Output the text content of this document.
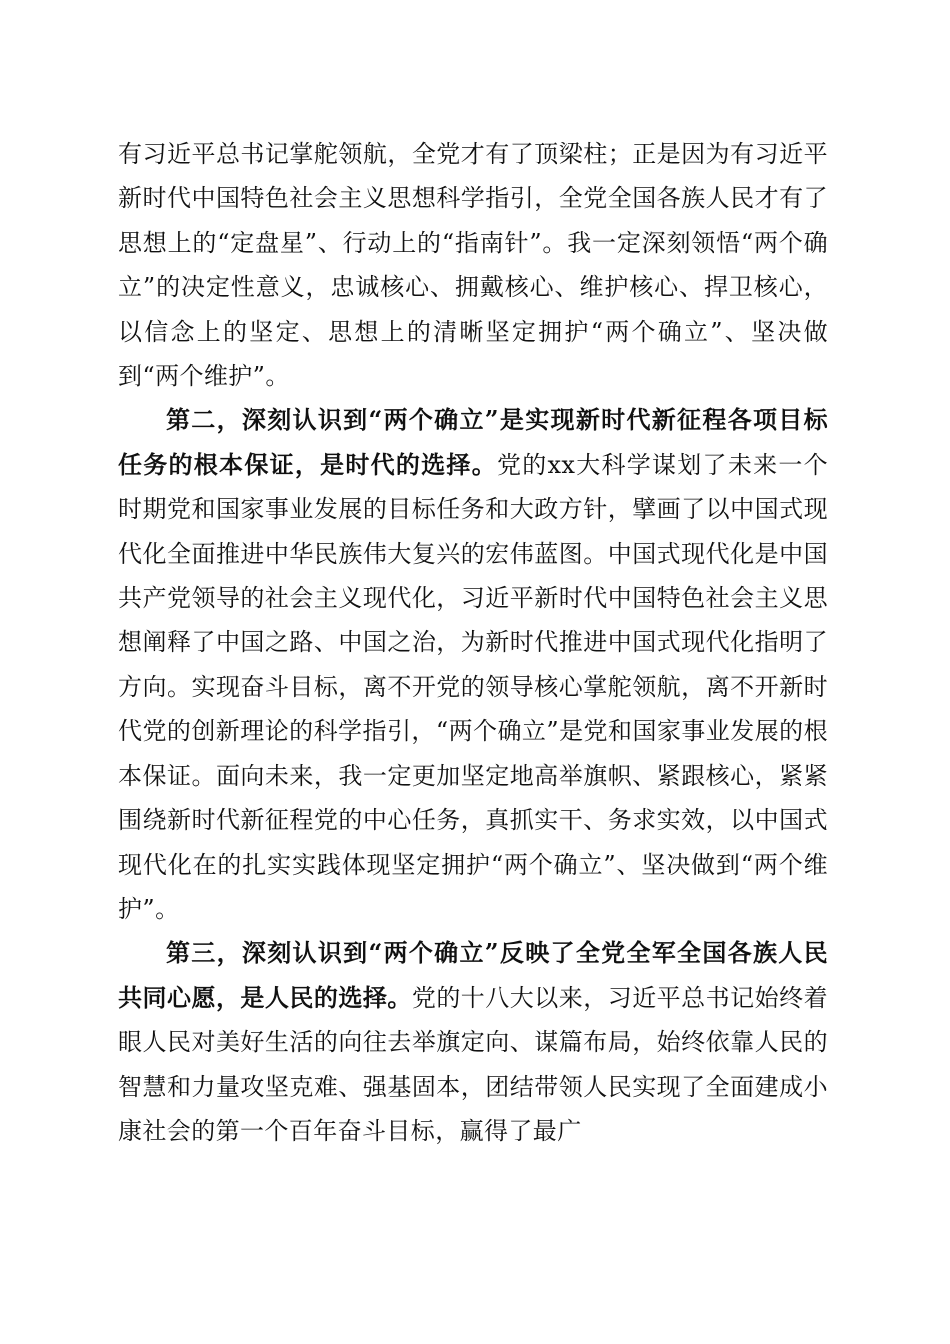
有习近平总书记掌舵领航，全党才有了顶梁柱；正是因为有习近平新时代中国特色社会主义思想科学指引，全党全国各族人民才有了思想上的“定盘星”、行动上的“指南针”。我一定深刻领悟“两个确立”的决定性意义，忠诚核心、拥戴核心、维护核心、捍卫核心，以信念上的坚定、思想上的清晰坚定拥护“两个确立”、坚决做到“两个维护”。

第二，深刻认识到“两个确立”是实现新时代新征程各项目标任务的根本保证，是时代的选择。党的xx大科学谋划了未来一个时期党和国家事业发展的目标任务和大政方针，擘画了以中国式现代化全面推进中华民族伟大复兴的宏伟蓝图。中国式现代化是中国共产党领导的社会主义现代化，习近平新时代中国特色社会主义思想阐释了中国之路、中国之治，为新时代推进中国式现代化指明了方向。实现奋斗目标，离不开党的领导核心掌舵领航，离不开新时代党的创新理论的科学指引，“两个确立”是党和国家事业发展的根本保证。面向未来，我一定更加坚定地高举旗帜、紧跟核心，紧紧围绕新时代新征程党的中心任务，真抓实干、务求实效，以中国式现代化在的扎实实践体现坚定拥护“两个确立”、坚决做到“两个维护”。

第三，深刻认识到“两个确立”反映了全党全军全国各族人民共同心愿，是人民的选择。党的十八大以来，习近平总书记始终着眼人民对美好生活的向往去举旗定向、谋篇布局，始终依靠人民的智慧和力量攻坚克难、强基固本，团结带领人民实现了全面建成小康社会的第一个百年奋斗目标，赢得了最广
